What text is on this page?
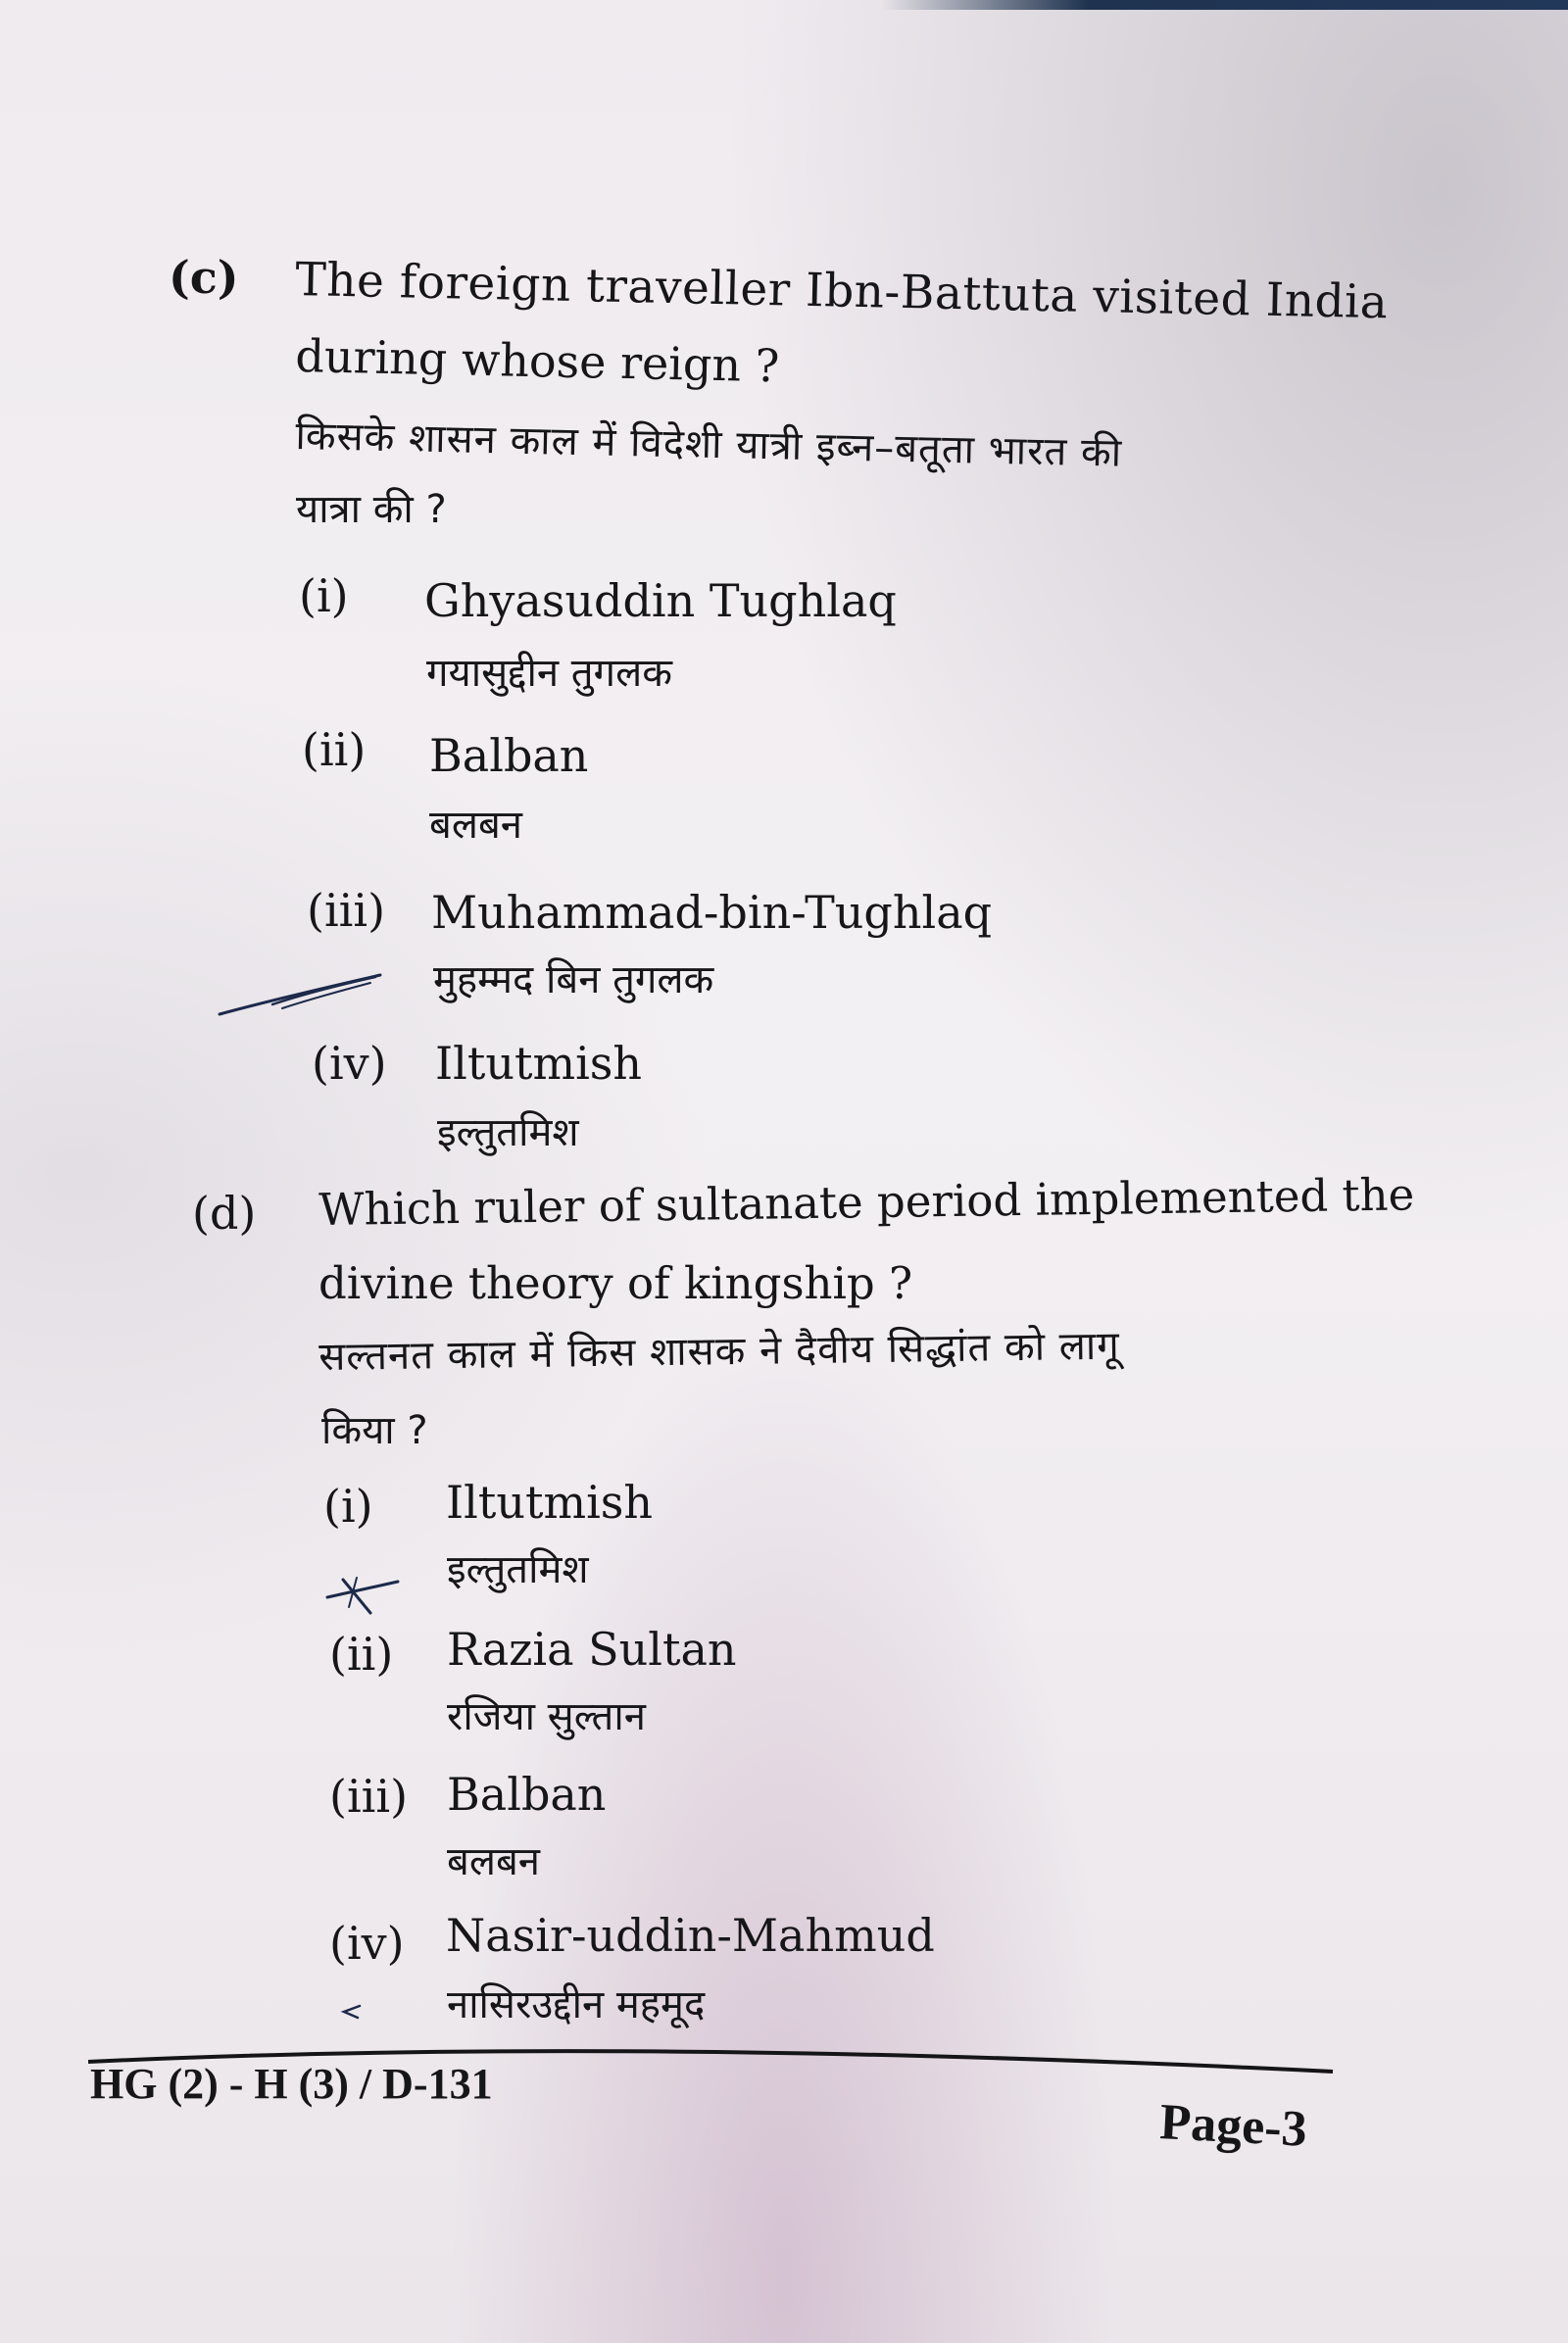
(c) The foreign traveller Ibn-Battuta visited India
during whose reign ?
किसके शासन काल में विदेशी यात्री इब्न–बतूता भारत की
यात्रा की ?
(i) Ghyasuddin Tughlaq
गयासुद्दीन तुगलक
(ii) Balban
बलबन
(iii) Muhammad-bin-Tughlaq
मुहम्मद बिन तुगलक
(iv) Iltutmish
इल्तुतमिश
(d) Which ruler of sultanate period implemented the
divine theory of kingship ?
सल्तनत काल में किस शासक ने दैवीय सिद्धांत को लागू
किया ?
(i) Iltutmish
इल्तुतमिश
(ii) Razia Sultan
रजिया सुल्तान
(iii) Balban
बलबन
(iv) Nasir-uddin-Mahmud
नासिरउद्दीन महमूद
HG (2) - H (3) / D-131
Page-3
